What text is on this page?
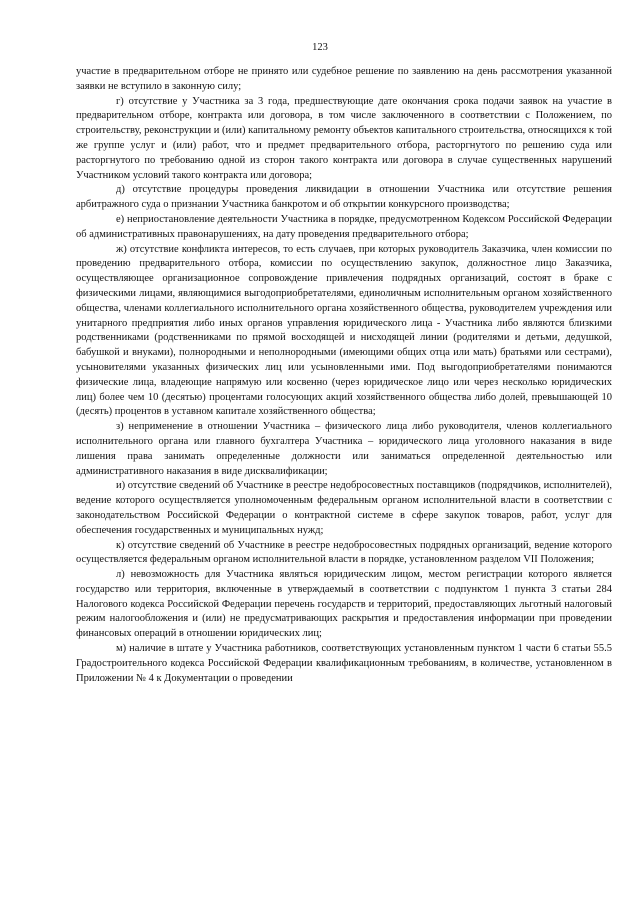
123

участие в предварительном отборе не принято или судебное решение по заявлению на день рассмотрения указанной заявки не вступило в законную силу;

г) отсутствие у Участника за 3 года, предшествующие дате окончания срока подачи заявок на участие в предварительном отборе, контракта или договора, в том числе заключенного в соответствии с Положением, по строительству, реконструкции и (или) капитальному ремонту объектов капитального строительства, относящихся к той же группе услуг и (или) работ, что и предмет предварительного отбора, расторгнутого по решению суда или расторгнутого по требованию одной из сторон такого контракта или договора в случае существенных нарушений Участником условий такого контракта или договора;

д) отсутствие процедуры проведения ликвидации в отношении Участника или отсутствие решения арбитражного суда о признании Участника банкротом и об открытии конкурсного производства;

е) неприостановление деятельности Участника в порядке, предусмотренном Кодексом Российской Федерации об административных правонарушениях, на дату проведения предварительного отбора;

ж) отсутствие конфликта интересов, то есть случаев, при которых руководитель Заказчика, член комиссии по проведению предварительного отбора, комиссии по осуществлению закупок, должностное лицо Заказчика, осуществляющее организационное сопровождение привлечения подрядных организаций, состоят в браке с физическими лицами, являющимися выгодоприобретателями, единоличным исполнительным органом хозяйственного общества, членами коллегиального исполнительного органа хозяйственного общества, руководителем учреждения или унитарного предприятия либо иных органов управления юридического лица - Участника либо являются близкими родственниками (родственниками по прямой восходящей и нисходящей линии (родителями и детьми, дедушкой, бабушкой и внуками), полнородными и неполнородными (имеющими общих отца или мать) братьями или сестрами), усыновителями указанных физических лиц или усыновленными ими. Под выгодоприобретателями понимаются физические лица, владеющие напрямую или косвенно (через юридическое лицо или через несколько юридических лиц) более чем 10 (десятью) процентами голосующих акций хозяйственного общества либо долей, превышающей 10 (десять) процентов в уставном капитале хозяйственного общества;

з) неприменение в отношении Участника – физического лица либо руководителя, членов коллегиального исполнительного органа или главного бухгалтера Участника – юридического лица уголовного наказания в виде лишения права занимать определенные должности или заниматься определенной деятельностью или административного наказания в виде дисквалификации;

и) отсутствие сведений об Участнике в реестре недобросовестных поставщиков (подрядчиков, исполнителей), ведение которого осуществляется уполномоченным федеральным органом исполнительной власти в соответствии с законодательством Российской Федерации о контрактной системе в сфере закупок товаров, работ, услуг для обеспечения государственных и муниципальных нужд;

к) отсутствие сведений об Участнике в реестре недобросовестных подрядных организаций, ведение которого осуществляется федеральным органом исполнительной власти в порядке, установленном разделом VII Положения;

л) невозможность для Участника являться юридическим лицом, местом регистрации которого является государство или территория, включенные в утверждаемый в соответствии с подпунктом 1 пункта 3 статьи 284 Налогового кодекса Российской Федерации перечень государств и территорий, предоставляющих льготный налоговый режим налогообложения и (или) не предусматривающих раскрытия и предоставления информации при проведении финансовых операций в отношении юридических лиц;

м) наличие в штате у Участника работников, соответствующих установленным пунктом 1 части 6 статьи 55.5 Градостроительного кодекса Российской Федерации квалификационным требованиям, в количестве, установленном в Приложении № 4 к Документации о проведении
